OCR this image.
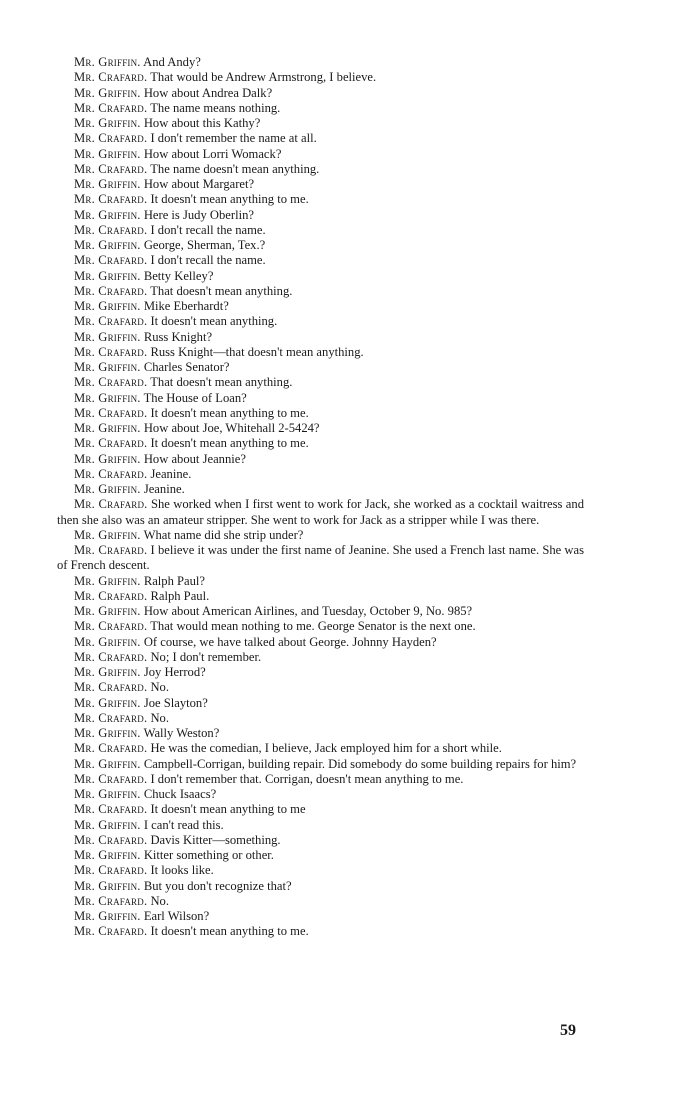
Mr. Griffin. And Andy?

Mr. Crafard. That would be Andrew Armstrong, I believe.

Mr. Griffin. How about Andrea Dalk?

Mr. Crafard. The name means nothing.

Mr. Griffin. How about this Kathy?

Mr. Crafard. I don't remember the name at all.

Mr. Griffin. How about Lorri Womack?

Mr. Crafard. The name doesn't mean anything.

Mr. Griffin. How about Margaret?

Mr. Crafard. It doesn't mean anything to me.

Mr. Griffin. Here is Judy Oberlin?

Mr. Crafard. I don't recall the name.

Mr. Griffin. George, Sherman, Tex.?

Mr. Crafard. I don't recall the name.

Mr. Griffin. Betty Kelley?

Mr. Crafard. That doesn't mean anything.

Mr. Griffin. Mike Eberhardt?

Mr. Crafard. It doesn't mean anything.

Mr. Griffin. Russ Knight?

Mr. Crafard. Russ Knight—that doesn't mean anything.

Mr. Griffin. Charles Senator?

Mr. Crafard. That doesn't mean anything.

Mr. Griffin. The House of Loan?

Mr. Crafard. It doesn't mean anything to me.

Mr. Griffin. How about Joe, Whitehall 2-5424?

Mr. Crafard. It doesn't mean anything to me.

Mr. Griffin. How about Jeannie?

Mr. Crafard. Jeanine.

Mr. Griffin. Jeanine.

Mr. Crafard. She worked when I first went to work for Jack, she worked as a cocktail waitress and then she also was an amateur stripper. She went to work for Jack as a stripper while I was there.

Mr. Griffin. What name did she strip under?

Mr. Crafard. I believe it was under the first name of Jeanine. She used a French last name. She was of French descent.

Mr. Griffin. Ralph Paul?

Mr. Crafard. Ralph Paul.

Mr. Griffin. How about American Airlines, and Tuesday, October 9, No. 985?

Mr. Crafard. That would mean nothing to me. George Senator is the next one.

Mr. Griffin. Of course, we have talked about George. Johnny Hayden?

Mr. Crafard. No; I don't remember.

Mr. Griffin. Joy Herrod?

Mr. Crafard. No.

Mr. Griffin. Joe Slayton?

Mr. Crafard. No.

Mr. Griffin. Wally Weston?

Mr. Crafard. He was the comedian, I believe, Jack employed him for a short while.

Mr. Griffin. Campbell-Corrigan, building repair. Did somebody do some building repairs for him?

Mr. Crafard. I don't remember that. Corrigan, doesn't mean anything to me.

Mr. Griffin. Chuck Isaacs?

Mr. Crafard. It doesn't mean anything to me

Mr. Griffin. I can't read this.

Mr. Crafard. Davis Kitter—something.

Mr. Griffin. Kitter something or other.

Mr. Crafard. It looks like.

Mr. Griffin. But you don't recognize that?

Mr. Crafard. No.

Mr. Griffin. Earl Wilson?

Mr. Crafard. It doesn't mean anything to me.

59
